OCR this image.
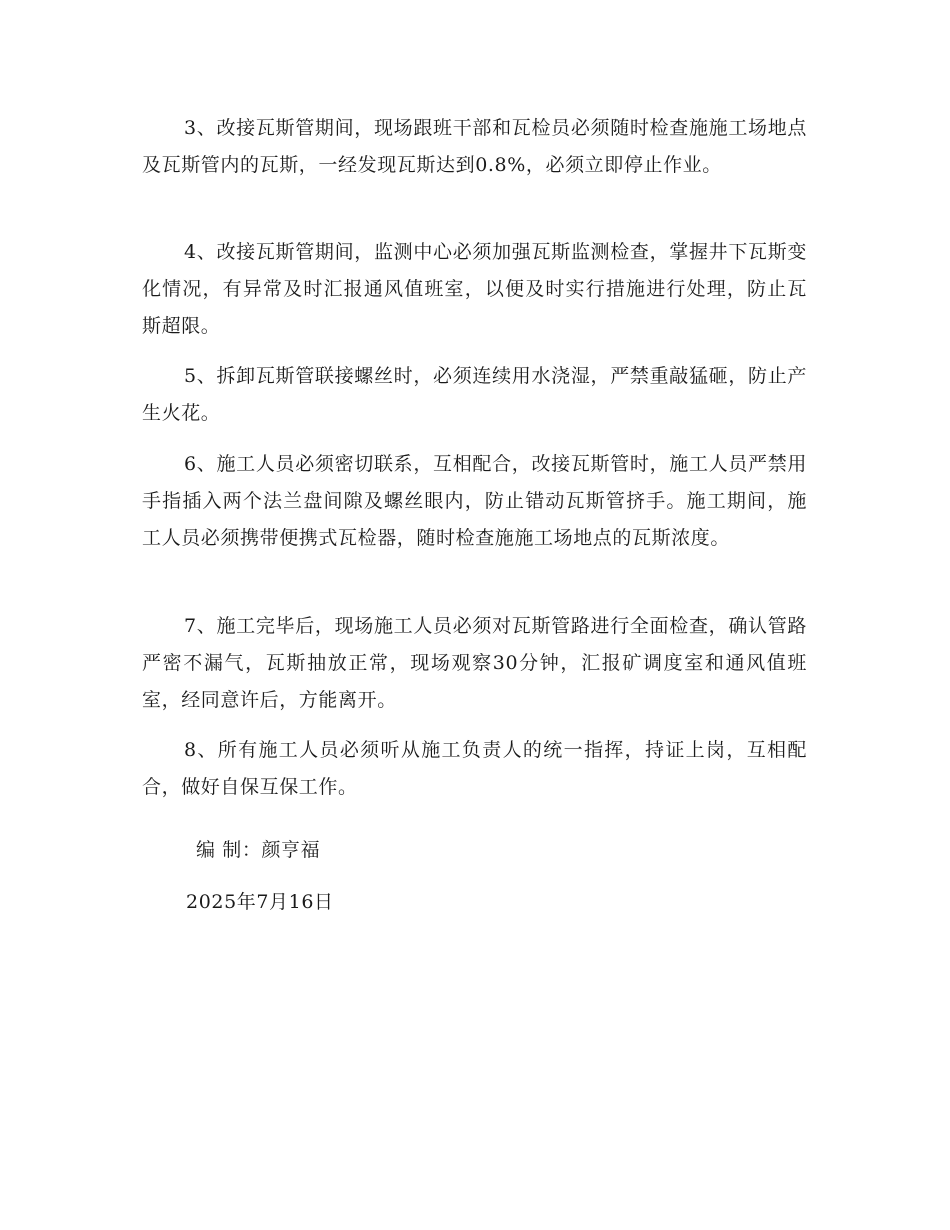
3、改接瓦斯管期间，现场跟班干部和瓦检员必须随时检查施施工场地点及瓦斯管内的瓦斯，一经发现瓦斯达到0.8%，必须立即停止作业。

4、改接瓦斯管期间，监测中心必须加强瓦斯监测检查，掌握井下瓦斯变化情况，有异常及时汇报通风值班室，以便及时实行措施进行处理，防止瓦斯超限。

5、拆卸瓦斯管联接螺丝时，必须连续用水浇湿，严禁重敲猛砸，防止产生火花。

6、施工人员必须密切联系，互相配合，改接瓦斯管时，施工人员严禁用手指插入两个法兰盘间隙及螺丝眼内，防止错动瓦斯管挤手。施工期间，施工人员必须携带便携式瓦检器，随时检查施施工场地点的瓦斯浓度。

7、施工完毕后，现场施工人员必须对瓦斯管路进行全面检查，确认管路严密不漏气，瓦斯抽放正常，现场观察30分钟，汇报矿调度室和通风值班室，经同意许后，方能离开。

8、所有施工人员必须听从施工负责人的统一指挥，持证上岗，互相配合，做好自保互保工作。

编 制：颜亨福

2025年7月16日
